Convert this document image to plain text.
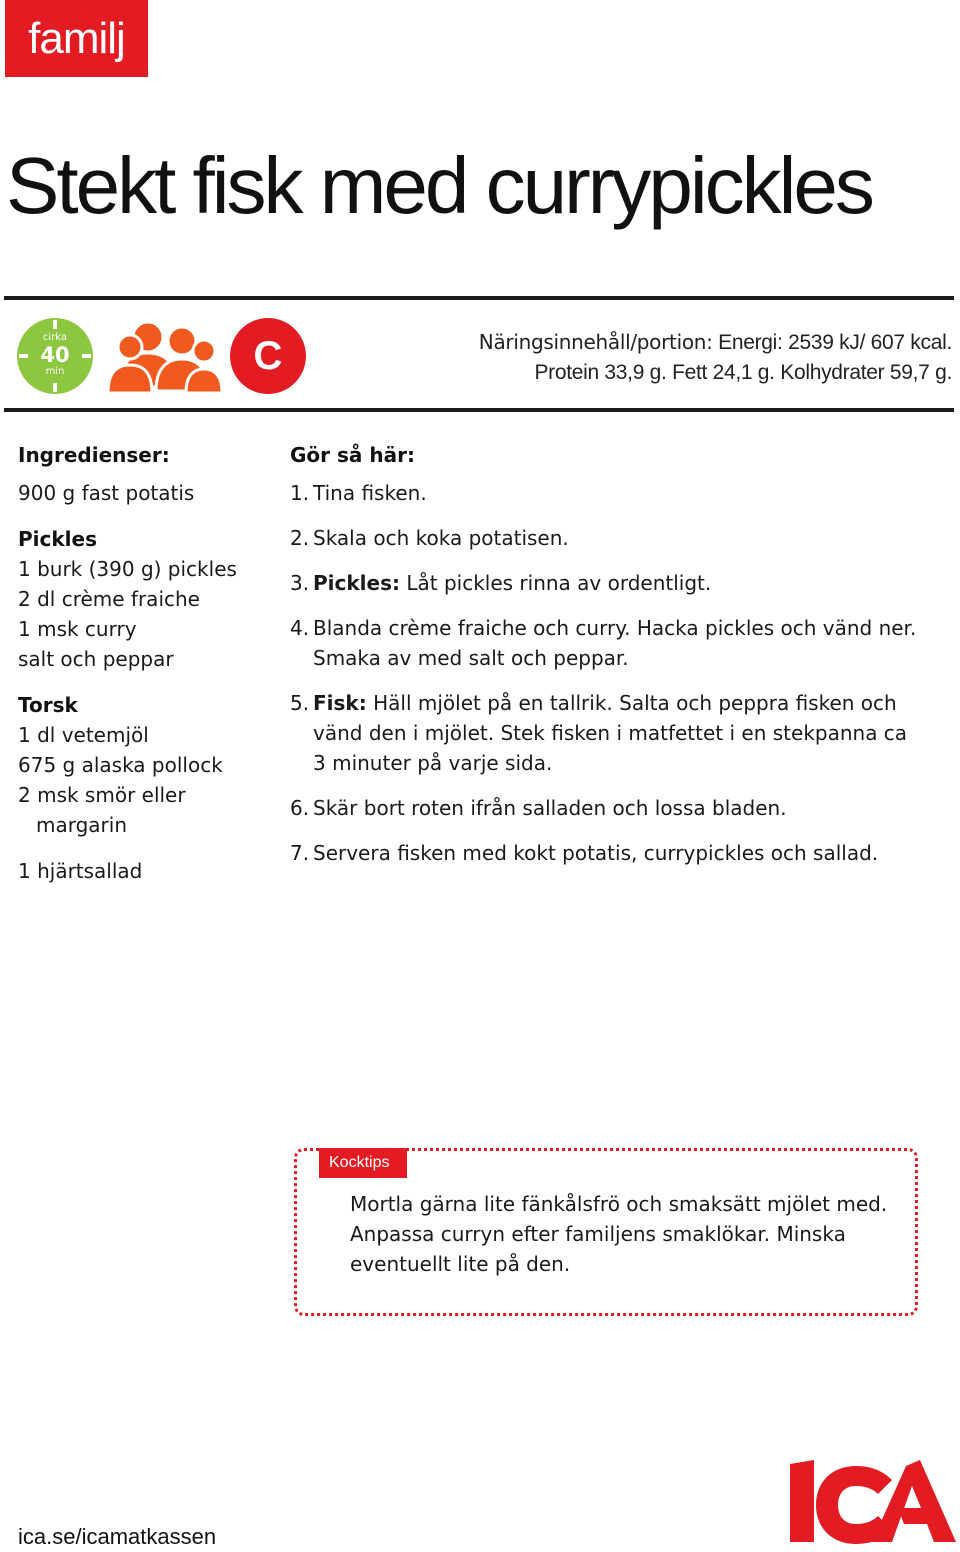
familj
Stekt fisk med currypickles
cirka
40
min	C	Näringsinnehåll/portion: Energi: 2539 kJ/ 607 kcal.
Protein 33,9 g. Fett 24,1 g. Kolhydrater 59,7 g.
Ingredienser:
900 g fast potatis
Pickles
1 burk (390 g) pickles
2 dl crème fraiche
1 msk curry
salt och peppar
Torsk
1 dl vetemjöl
675 g alaska pollock
2 msk smör eller
margarin
1 hjärtsallad
Gör så här:
1. Tina fisken.
2. Skala och koka potatisen.
3. Pickles: Låt pickles rinna av ordentligt.
4. Blanda crème fraiche och curry. Hacka pickles och vänd ner. Smaka av med salt och peppar.
5. Fisk: Häll mjölet på en tallrik. Salta och peppra fisken och vänd den i mjölet. Stek fisken i matfettet i en stekpanna ca 3 minuter på varje sida.
6. Skär bort roten ifrån salladen och lossa bladen.
7. Servera fisken med kokt potatis, currypickles och sallad.
Kocktips

Mortla gärna lite fänkålsfrö och smaksätt mjölet med. Anpassa curryn efter familjens smaklökar. Minska eventuellt lite på den.

ica.se/icamatkassen
